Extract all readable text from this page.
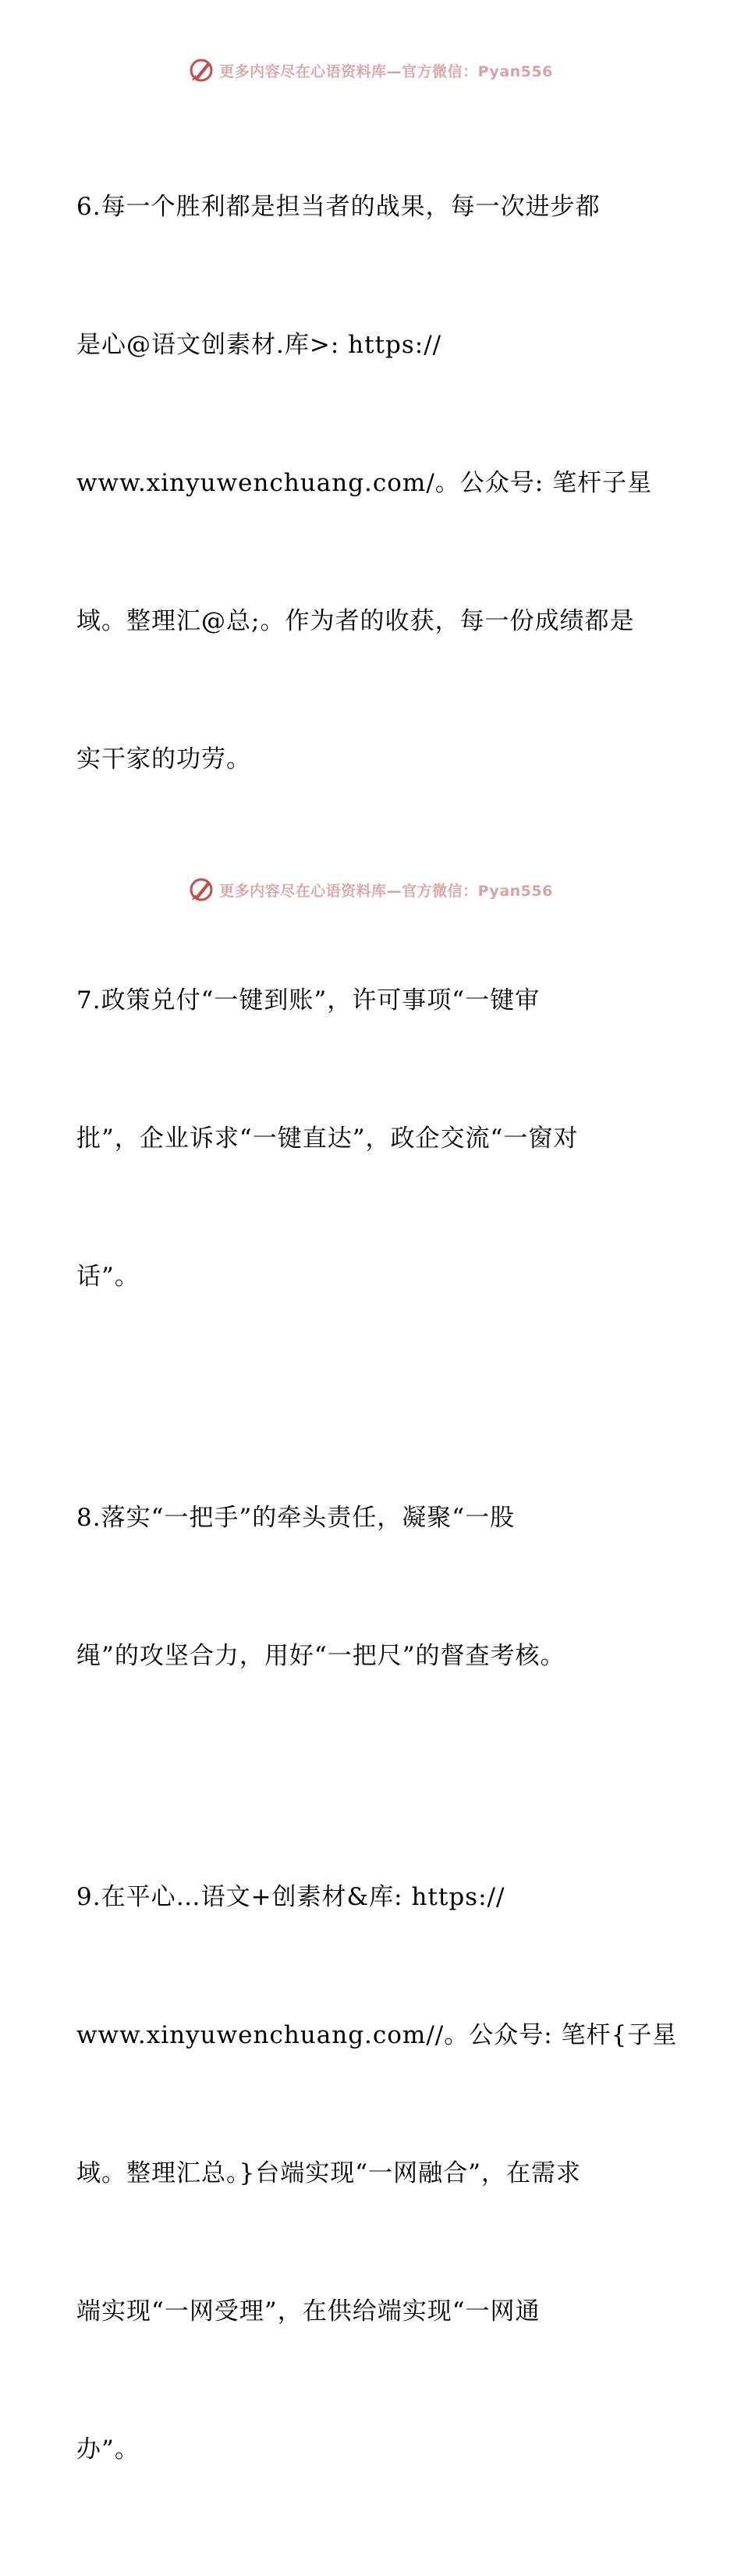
更多内容尽在心语资料库—官方微信：Pyan556

6.每一个胜利都是担当者的战果，每一次进步都

是心@语文创素材.库>: https://

www.xinyuwenchuang.com/。公众号: 笔杆子星

域。整理汇@总;。作为者的收获，每一份成绩都是

实干家的功劳。

7.政策兑付“一键到账”，许可事项“一键审

批”，企业诉求“一键直达”，政企交流“一窗对

话”。

8.落实“一把手”的牵头责任，凝聚“一股

绳”的攻坚合力，用好“一把尺”的督查考核。

9.在平心…语文+创素材&库: https://

www.xinyuwenchuang.com//。公众号: 笔杆{子星

域。整理汇总。}台端实现“一网融合”，在需求

端实现“一网受理”，在供给端实现“一网通

办”。

更多内容尽在心语资料库—官方微信：Pyan556
